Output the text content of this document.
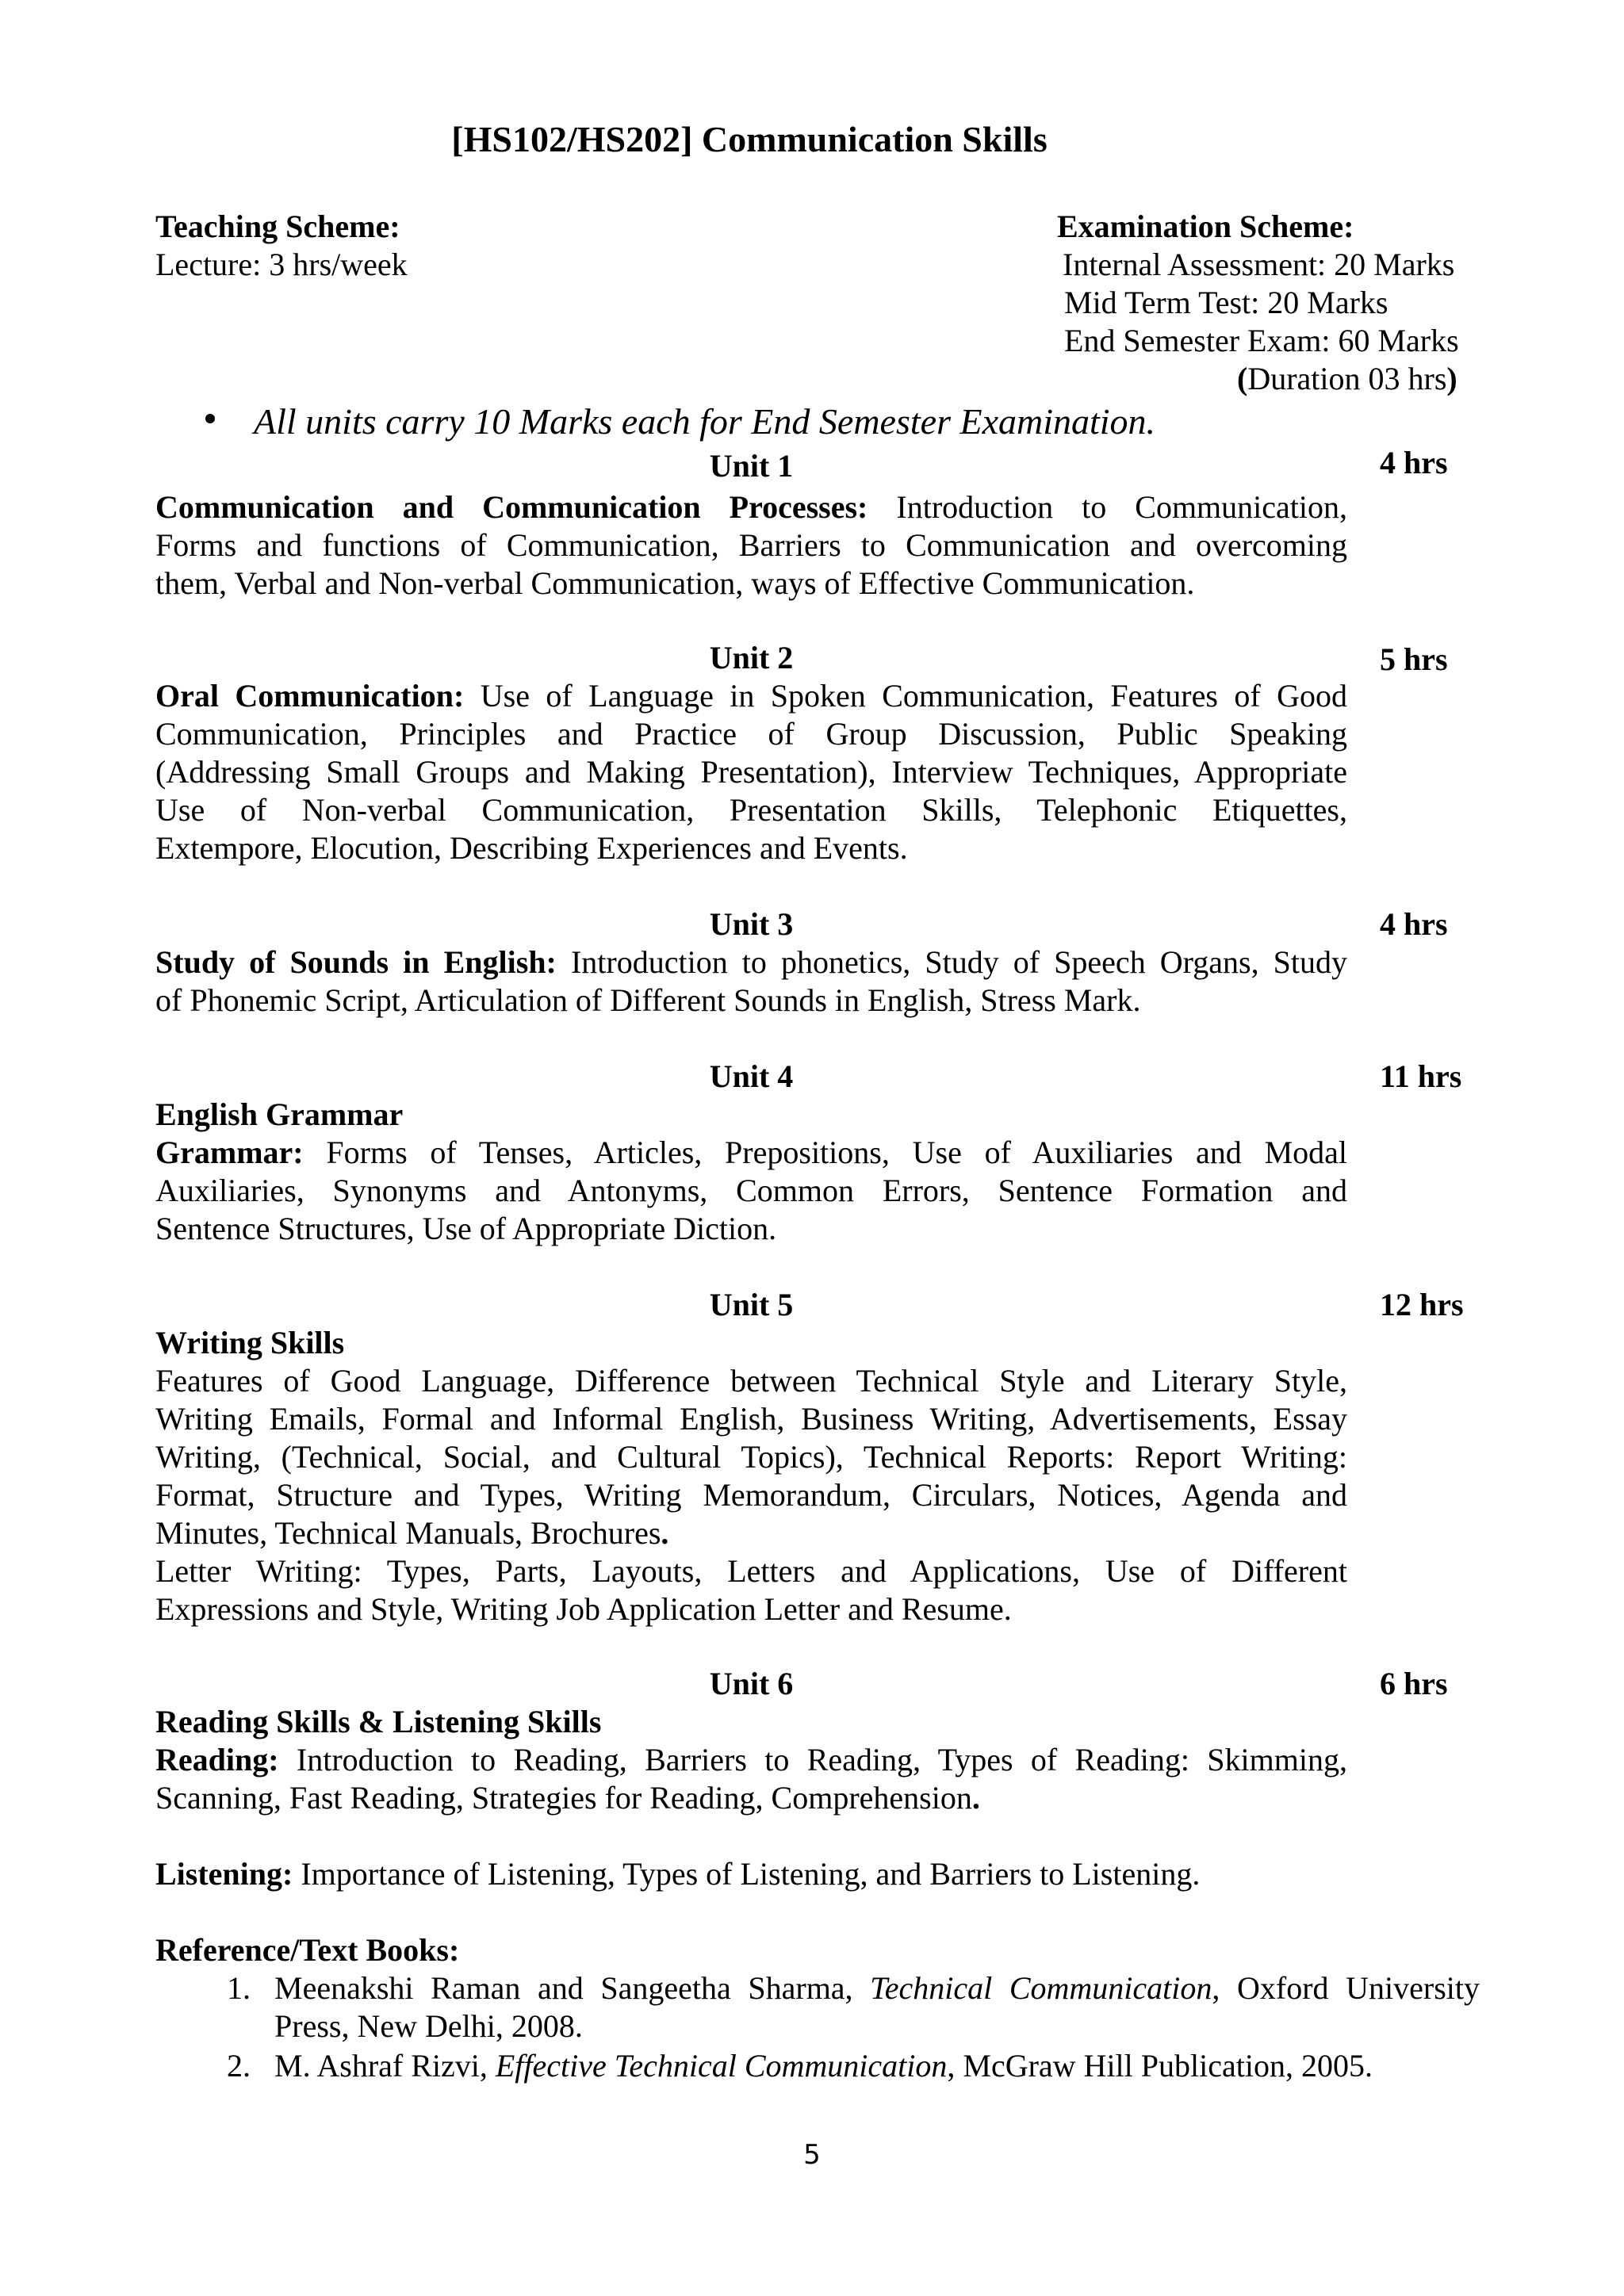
[HS102/HS202] Communication Skills
Teaching Scheme:
Lecture: 3 hrs/week
Examination Scheme:
Internal Assessment: 20 Marks
Mid Term Test: 20 Marks
End Semester Exam: 60 Marks
(Duration 03 hrs)
All units carry 10 Marks each for End Semester Examination.
Unit 1	4 hrs
Communication and Communication Processes: Introduction to Communication,
Forms and functions of Communication, Barriers to Communication and overcoming
them, Verbal and Non-verbal Communication, ways of Effective Communication.
Unit 2	5 hrs
Oral Communication: Use of Language in Spoken Communication, Features of Good
Communication, Principles and Practice of Group Discussion, Public Speaking
(Addressing Small Groups and Making Presentation), Interview Techniques, Appropriate
Use of Non-verbal Communication, Presentation Skills, Telephonic Etiquettes,
Extempore, Elocution, Describing Experiences and Events.
Unit 3	4 hrs
Study of Sounds in English: Introduction to phonetics, Study of Speech Organs, Study
of Phonemic Script, Articulation of Different Sounds in English, Stress Mark.
Unit 4	11 hrs
English Grammar
Grammar: Forms of Tenses, Articles, Prepositions, Use of Auxiliaries and Modal
Auxiliaries, Synonyms and Antonyms, Common Errors, Sentence Formation and
Sentence Structures, Use of Appropriate Diction.
Unit 5	12 hrs
Writing Skills
Features of Good Language, Difference between Technical Style and Literary Style,
Writing Emails, Formal and Informal English, Business Writing, Advertisements, Essay
Writing, (Technical, Social, and Cultural Topics), Technical Reports: Report Writing:
Format, Structure and Types, Writing Memorandum, Circulars, Notices, Agenda and
Minutes, Technical Manuals, Brochures.
Letter Writing: Types, Parts, Layouts, Letters and Applications, Use of Different
Expressions and Style, Writing Job Application Letter and Resume.
Unit 6	6 hrs
Reading Skills & Listening Skills
Reading: Introduction to Reading, Barriers to Reading, Types of Reading: Skimming,
Scanning, Fast Reading, Strategies for Reading, Comprehension.
Listening: Importance of Listening, Types of Listening, and Barriers to Listening.
Reference/Text Books:
1. Meenakshi Raman and Sangeetha Sharma, Technical Communication, Oxford University
Press, New Delhi, 2008.
2. M. Ashraf Rizvi, Effective Technical Communication, McGraw Hill Publication, 2005.
5
